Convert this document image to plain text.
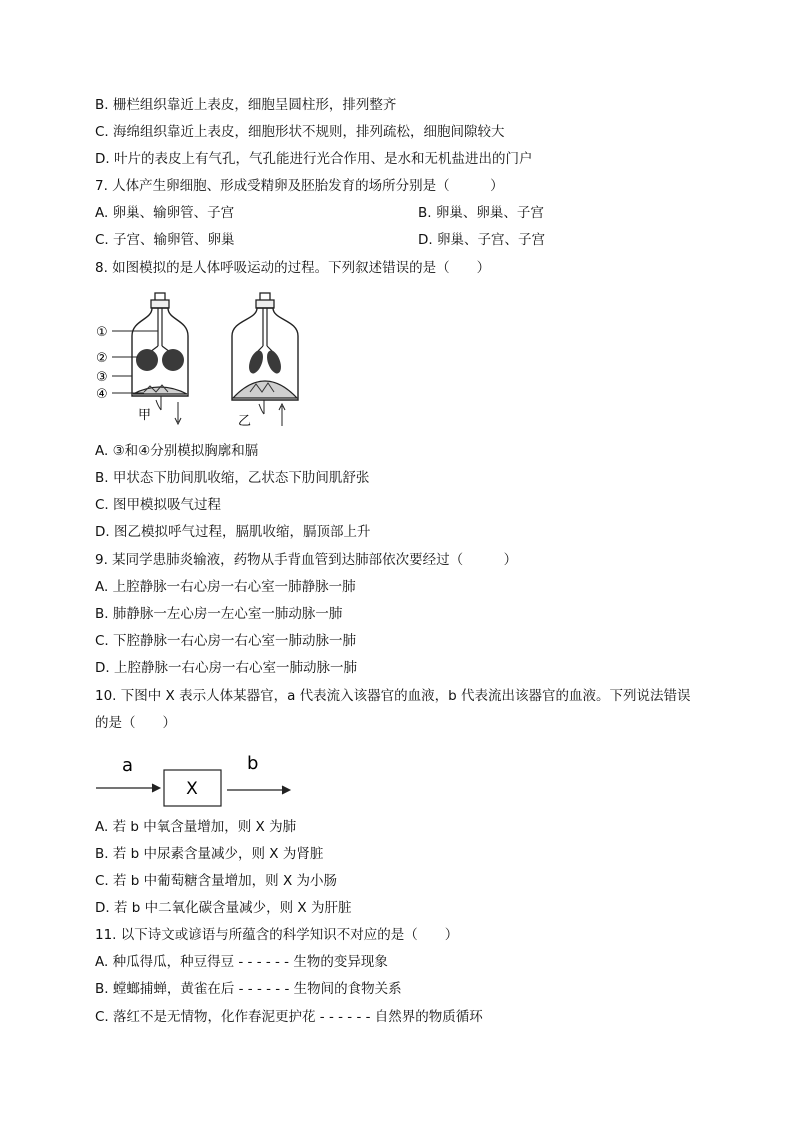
B. 栅栏组织靠近上表皮，细胞呈圆柱形，排列整齐
C. 海绵组织靠近上表皮，细胞形状不规则，排列疏松，细胞间隙较大
D. 叶片的表皮上有气孔，气孔能进行光合作用、是水和无机盐进出的门户
7. 人体产生卵细胞、形成受精卵及胚胎发育的场所分别是（　　　）
A. 卵巢、输卵管、子宫	B. 卵巢、卵巢、子宫
C. 子宫、输卵管、卵巢	D. 卵巢、子宫、子宫
8. 如图模拟的是人体呼吸运动的过程。下列叙述错误的是（　　）
甲
①
②
③
④
乙
A. ③和④分别模拟胸廓和膈
B. 甲状态下肋间肌收缩，乙状态下肋间肌舒张
C. 图甲模拟吸气过程
D. 图乙模拟呼气过程，膈肌收缩，膈顶部上升
9. 某同学患肺炎输液，药物从手背血管到达肺部依次要经过（　　　）
A. 上腔静脉一右心房一右心室一肺静脉一肺
B. 肺静脉一左心房一左心室一肺动脉一肺
C. 下腔静脉一右心房一右心室一肺动脉一肺
D. 上腔静脉一右心房一右心室一肺动脉一肺
10. 下图中 X 表示人体某器官，a 代表流入该器官的血液，b 代表流出该器官的血液。下列说法错误
的是（　　）
a
X
b
A. 若 b 中氧含量增加，则 X 为肺
B. 若 b 中尿素含量减少，则 X 为肾脏
C. 若 b 中葡萄糖含量增加，则 X 为小肠
D. 若 b 中二氧化碳含量减少，则 X 为肝脏
11. 以下诗文或谚语与所蕴含的科学知识不对应的是（　　）
A. 种瓜得瓜，种豆得豆 - - - - - - 生物的变异现象
B. 螳螂捕蝉，黄雀在后 - - - - - - 生物间的食物关系
C. 落红不是无情物，化作春泥更护花 - - - - - - 自然界的物质循环
